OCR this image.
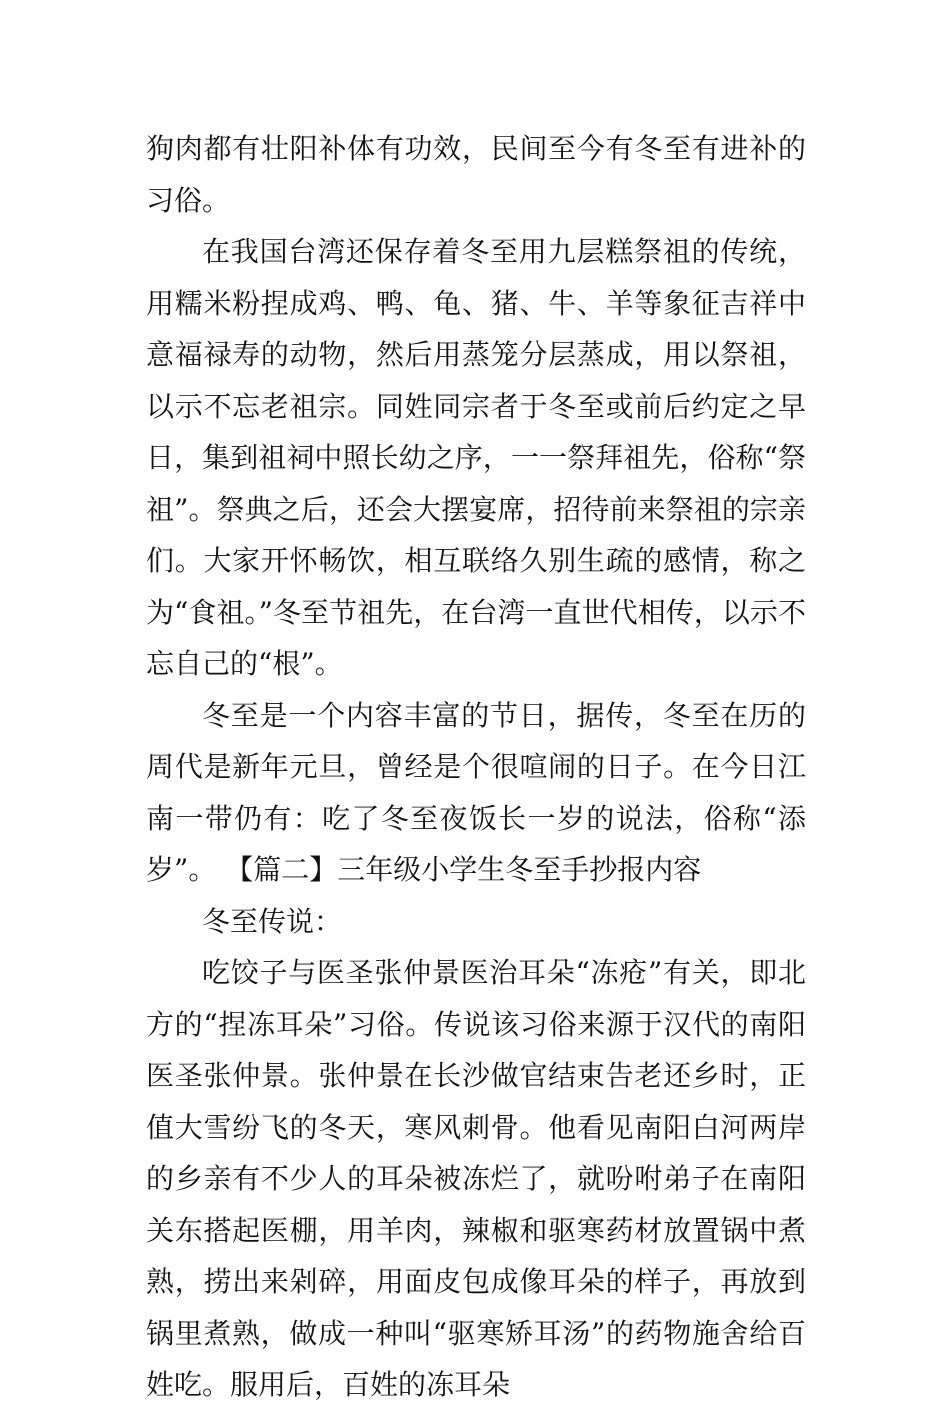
狗肉都有壮阳补体有功效，民间至今有冬至有进补的习俗。

在我国台湾还保存着冬至用九层糕祭祖的传统，用糯米粉捏成鸡、鸭、龟、猪、牛、羊等象征吉祥中意福禄寿的动物，然后用蒸笼分层蒸成，用以祭祖，以示不忘老祖宗。同姓同宗者于冬至或前后约定之早日，集到祖祠中照长幼之序，一一祭拜祖先，俗称“祭祖”。祭典之后，还会大摆宴席，招待前来祭祖的宗亲们。大家开怀畅饮，相互联络久别生疏的感情，称之为“食祖。”冬至节祖先，在台湾一直世代相传，以示不忘自己的“根”。

冬至是一个内容丰富的节日，据传，冬至在历的周代是新年元旦，曾经是个很喧闹的日子。在今日江南一带仍有：吃了冬至夜饭长一岁的说法，俗称“添岁”。 【篇二】三年级小学生冬至手抄报内容

冬至传说：

吃饺子与医圣张仲景医治耳朵“冻疮”有关，即北方的“捏冻耳朵”习俗。传说该习俗来源于汉代的南阳医圣张仲景。张仲景在长沙做官结束告老还乡时，正值大雪纷飞的冬天，寒风刺骨。他看见南阳白河两岸的乡亲有不少人的耳朵被冻烂了，就吩咐弟子在南阳关东搭起医棚，用羊肉，辣椒和驱寒药材放置锅中煮熟，捞出来剁碎，用面皮包成像耳朵的样子，再放到锅里煮熟，做成一种叫“驱寒矫耳汤”的药物施舍给百姓吃。服用后，百姓的冻耳朵
